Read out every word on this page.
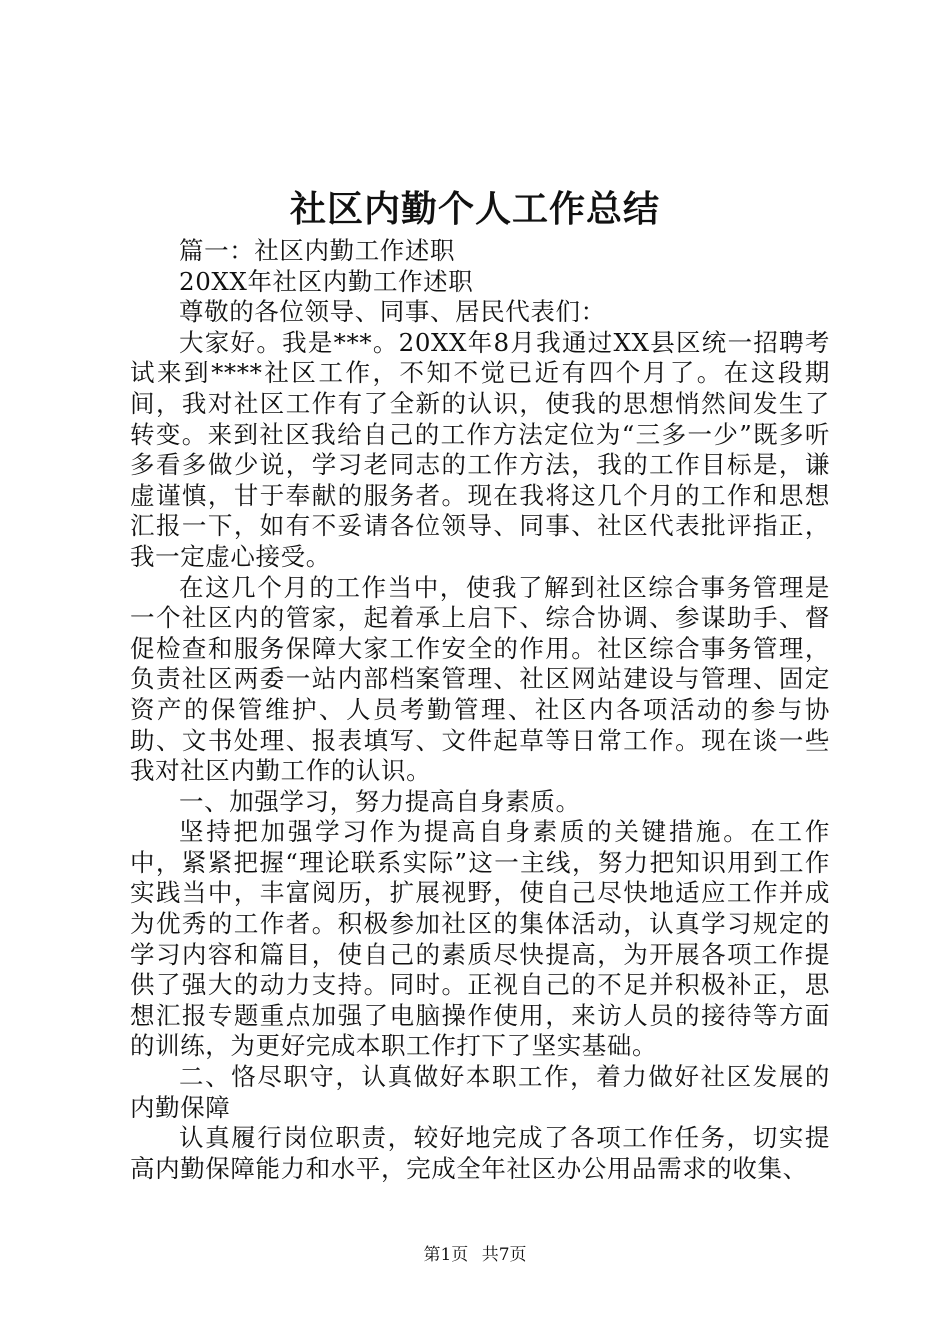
社区内勤个人工作总结

篇一：社区内勤工作述职

20XX年社区内勤工作述职

尊敬的各位领导、同事、居民代表们：

大家好。我是***。20XX年8月我通过XX县区统一招聘考试来到****社区工作，不知不觉已近有四个月了。在这段期间，我对社区工作有了全新的认识，使我的思想悄然间发生了转变。来到社区我给自己的工作方法定位为“三多一少”既多听多看多做少说，学习老同志的工作方法，我的工作目标是，谦虚谨慎，甘于奉献的服务者。现在我将这几个月的工作和思想汇报一下，如有不妥请各位领导、同事、社区代表批评指正，我一定虚心接受。

在这几个月的工作当中，使我了解到社区综合事务管理是一个社区内的管家，起着承上启下、综合协调、参谋助手、督促检查和服务保障大家工作安全的作用。社区综合事务管理，负责社区两委一站内部档案管理、社区网站建设与管理、固定资产的保管维护、人员考勤管理、社区内各项活动的参与协助、文书处理、报表填写、文件起草等日常工作。现在谈一些我对社区内勤工作的认识。

一、加强学习，努力提高自身素质。

坚持把加强学习作为提高自身素质的关键措施。在工作中，紧紧把握“理论联系实际”这一主线，努力把知识用到工作实践当中，丰富阅历，扩展视野，使自己尽快地适应工作并成为优秀的工作者。积极参加社区的集体活动，认真学习规定的学习内容和篇目，使自己的素质尽快提高，为开展各项工作提供了强大的动力支持。同时。正视自己的不足并积极补正，思想汇报专题重点加强了电脑操作使用，来访人员的接待等方面的训练，为更好完成本职工作打下了坚实基础。

二、恪尽职守，认真做好本职工作，着力做好社区发展的内勤保障

认真履行岗位职责，较好地完成了各项工作任务，切实提高内勤保障能力和水平，完成全年社区办公用品需求的收集、

第1页 共7页
